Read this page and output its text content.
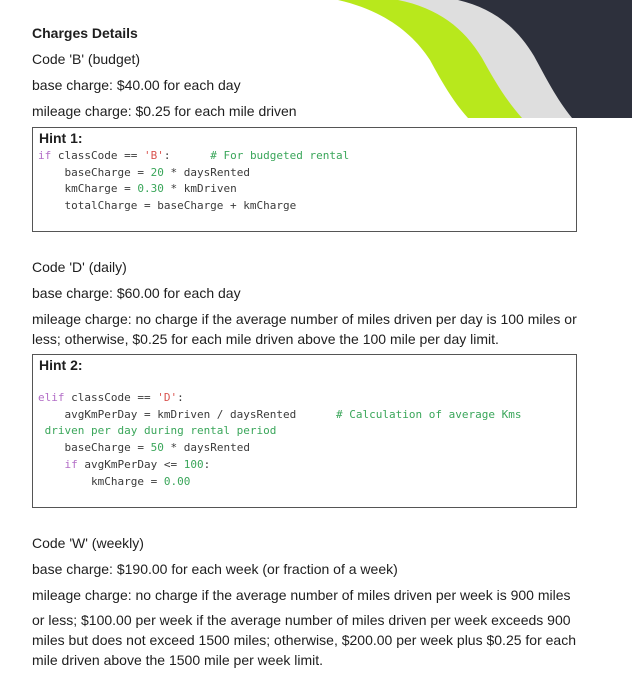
Charges Details
Code 'B' (budget)
base charge: $40.00 for each day
mileage charge: $0.25 for each mile driven
Hint 1:
if classCode == 'B':      # For budgeted rental
baseCharge = 20 * daysRented
kmCharge = 0.30 * kmDriven
totalCharge = baseCharge + kmCharge
Code 'D' (daily)
base charge: $60.00 for each day
mileage charge: no charge if the average number of miles driven per day is 100 miles or less; otherwise, $0.25 for each mile driven above the 100 mile per day limit.
Hint 2:
elif classCode == 'D':
avgKmPerDay = kmDriven / daysRented      # Calculation of average Kms
driven per day during rental period
baseCharge = 50 * daysRented
if avgKmPerDay <= 100:
kmCharge = 0.00
Code 'W' (weekly)
base charge: $190.00 for each week (or fraction of a week)
mileage charge: no charge if the average number of miles driven per week is 900 miles
or less; $100.00 per week if the average number of miles driven per week exceeds 900 miles but does not exceed 1500 miles; otherwise, $200.00 per week plus $0.25 for each mile driven above the 1500 mile per week limit.
